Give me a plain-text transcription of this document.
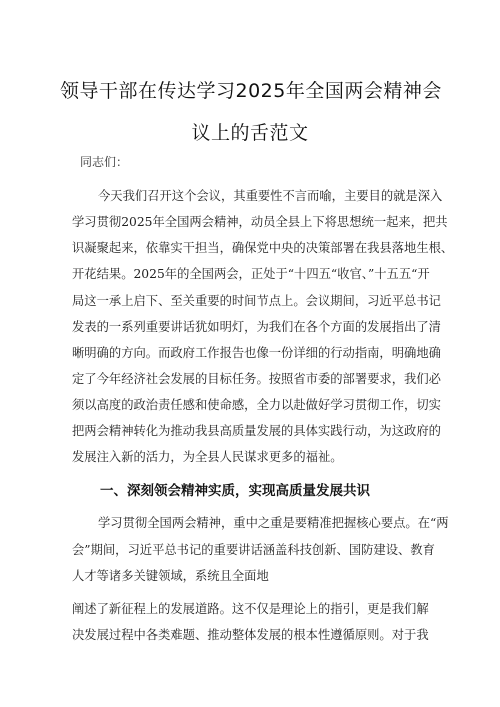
领导干部在传达学习2025年全国两会精神会
议上的舌范文
同志们：
今天我们召开这个会议，其重要性不言而喻，主要目的就是深入
学习贯彻2025年全国两会精神，动员全县上下将思想统一起来，把共
识凝聚起来，依靠实干担当，确保党中央的决策部署在我县落地生根、
开花结果。2025年的全国两会，正处于“十四五“收官、”十五五“开
局这一承上启下、至关重要的时间节点上。会议期间，习近平总书记
发表的一系列重要讲话犹如明灯，为我们在各个方面的发展指出了清
晰明确的方向。而政府工作报告也像一份详细的行动指南，明确地确
定了今年经济社会发展的目标任务。按照省市委的部署要求，我们必
须以高度的政治责任感和使命感，全力以赴做好学习贯彻工作，切实
把两会精神转化为推动我县高质量发展的具体实践行动，为这政府的
发展注入新的活力，为全县人民谋求更多的福祉。
一、深刻领会精神实质，实现高质量发展共识
学习贯彻全国两会精神，重中之重是要精准把握核心要点。在“两
会”期间，习近平总书记的重要讲话涵盖科技创新、国防建设、教育
人才等诸多关键领域，系统且全面地
阐述了新征程上的发展道路。这不仅是理论上的指引，更是我们解
决发展过程中各类难题、推动整体发展的根本性遵循原则。对于我
